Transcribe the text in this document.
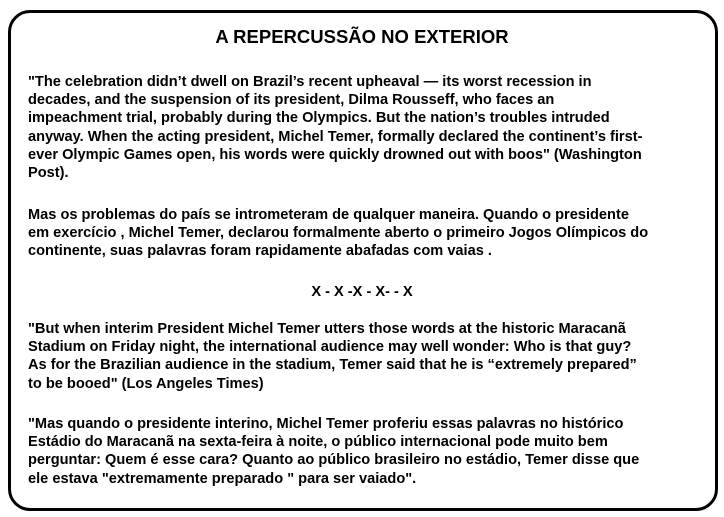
A REPERCUSSÃO NO EXTERIOR
"The celebration didn’t dwell on Brazil’s recent upheaval — its worst recession in
decades, and the suspension of its president, Dilma Rousseff, who faces an
impeachment trial, probably during the Olympics. But the nation’s troubles intruded
anyway. When the acting president, Michel Temer, formally declared the continent’s first-
ever Olympic Games open, his words were quickly drowned out with boos" (Washington
Post).
Mas os problemas do país se intrometeram de qualquer maneira. Quando o presidente
em exercício , Michel Temer, declarou formalmente aberto o primeiro Jogos Olímpicos do
continente, suas palavras foram rapidamente abafadas com vaias .
X - X -X - X- - X
"But when interim President Michel Temer utters those words at the historic Maracanã
Stadium on Friday night, the international audience may well wonder: Who is that guy?
As for the Brazilian audience in the stadium, Temer said that he is “extremely prepared”
to be booed" (Los Angeles Times)
"Mas quando o presidente interino, Michel Temer proferiu essas palavras no histórico
Estádio do Maracanã na sexta-feira à noite, o público internacional pode muito bem
perguntar: Quem é esse cara? Quanto ao público brasileiro no estádio, Temer disse que
ele estava "extremamente preparado " para ser vaiado".
